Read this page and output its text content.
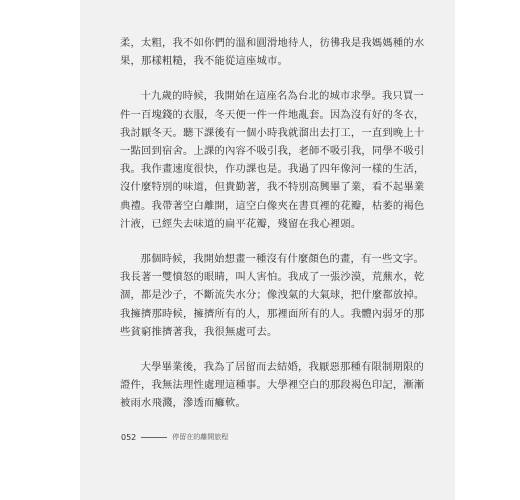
柔，太粗，我不如你們的溫和圓滑地待人，彷彿我是我媽媽種的水果，那樣粗糙，我不能從這座城市。

十九歲的時候，我開始在這座名為台北的城市求學。我只買一件一百塊錢的衣服，冬天便一件一件地亂套。因為沒有好的冬衣，我討厭冬天。聽下課後有一個小時我就溜出去打工，一直到晚上十一點回到宿舍。上課的內容不吸引我，老師不吸引我，同學不吸引我。我作畫速度很快，作功課也是。我過了四年像河一樣的生活，沒什麼特別的味道，但貴勤著，我不特別高興畢了業，看不起畢業典禮。我帶著空白離開，這空白像夾在書頁裡的花瓣，枯萎的褐色汁液，已經失去味道的扁平花瓣，殘留在我心裡頭。

那個時候，我開始想畫一種沒有什麼顏色的畫，有一些文字。我長著一雙憤怒的眼睛，叫人害怕。我成了一張沙漠，荒蕪水，乾涸，都是沙子，不斷流失水分；像洩氣的大氣球，把什麼都放掉。我擁擠那時候，擁擠所有的人，那裡面所有的人。我體內弱牙的那些貧窮推擠著我，我很無處可去。

大學畢業後，我為了居留而去結婚，我厭惡那種有限制期限的證件，我無法理性處理這種事。大學裡空白的那段褐色印記，漸漸被雨水飛濺，滲透而癱軟。

052	停留在的離開旅程
